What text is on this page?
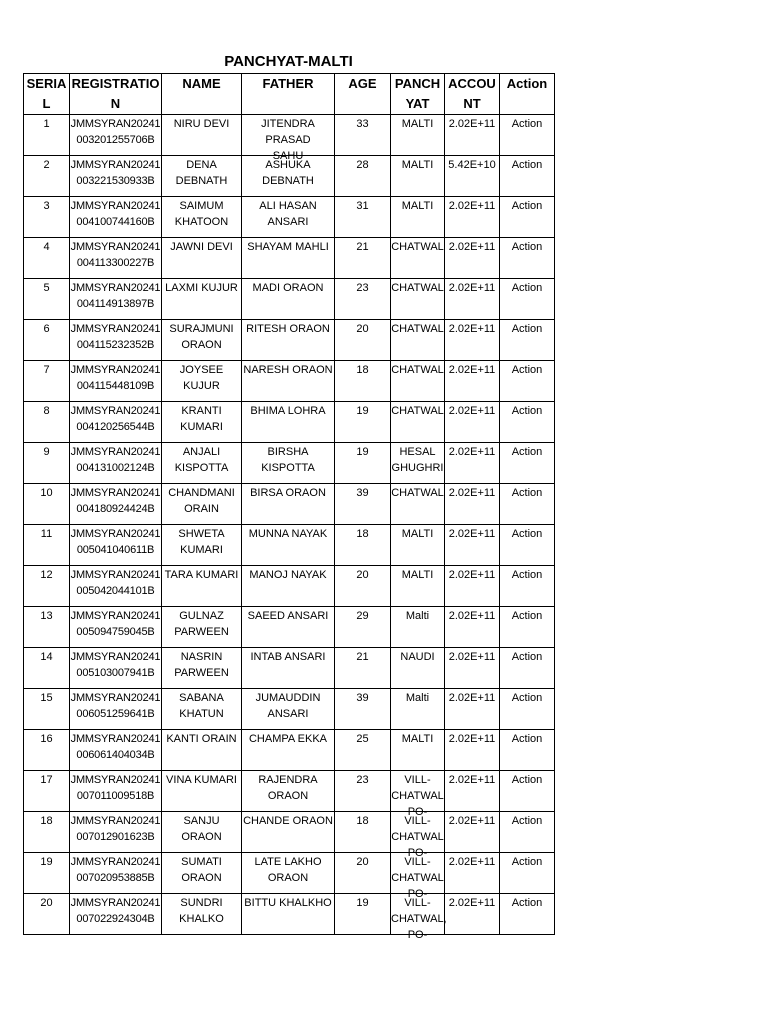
PANCHYAT-MALTI
SERIA
L	REGISTRATIO
N	NAME	FATHER	AGE	PANCH
YAT	ACCOU
NT	Action

1	JMMSYRAN20241
003201255706B	NIRU DEVI	JITENDRA PRASAD
SAHU	33	MALTI	2.02E+11	Action

2	JMMSYRAN20241
003221530933B	DENA DEBNATH	ASHUKA
DEBNATH	28	MALTI	5.42E+10	Action

3	JMMSYRAN20241
004100744160B	SAIMUM
KHATOON	ALI HASAN
ANSARI	31	MALTI	2.02E+11	Action

4	JMMSYRAN20241
004113300227B	JAWNI DEVI	SHAYAM MAHLI	21	CHATWAL	2.02E+11	Action

5	JMMSYRAN20241
004114913897B	LAXMI KUJUR	MADI ORAON	23	CHATWAL	2.02E+11	Action

6	JMMSYRAN20241
004115232352B	SURAJMUNI
ORAON	RITESH ORAON	20	CHATWAL	2.02E+11	Action

7	JMMSYRAN20241
004115448109B	JOYSEE KUJUR	NARESH ORAON	18	CHATWAL	2.02E+11	Action

8	JMMSYRAN20241
004120256544B	KRANTI
KUMARI	BHIMA LOHRA	19	CHATWAL	2.02E+11	Action

9	JMMSYRAN20241
004131002124B	ANJALI
KISPOTTA	BIRSHA KISPOTTA	19	HESAL
GHUGHRI	2.02E+11	Action

10	JMMSYRAN20241
004180924424B	CHANDMANI
ORAIN	BIRSA ORAON	39	CHATWAL	2.02E+11	Action

11	JMMSYRAN20241
005041040611B	SHWETA
KUMARI	MUNNA NAYAK	18	MALTI	2.02E+11	Action

12	JMMSYRAN20241
005042044101B	TARA KUMARI	MANOJ NAYAK	20	MALTI	2.02E+11	Action

13	JMMSYRAN20241
005094759045B	GULNAZ
PARWEEN	SAEED ANSARI	29	Malti	2.02E+11	Action

14	JMMSYRAN20241
005103007941B	NASRIN
PARWEEN	INTAB ANSARI	21	NAUDI	2.02E+11	Action

15	JMMSYRAN20241
006051259641B	SABANA
KHATUN	JUMAUDDIN
ANSARI	39	Malti	2.02E+11	Action

16	JMMSYRAN20241
006061404034B	KANTI ORAIN	CHAMPA EKKA	25	MALTI	2.02E+11	Action

17	JMMSYRAN20241
007011009518B	VINA KUMARI	RAJENDRA
ORAON	23	VILL-
CHATWAL
PO-	2.02E+11	Action

18	JMMSYRAN20241
007012901623B	SANJU ORAON	CHANDE ORAON	18	VILL-
CHATWAL
PO-	2.02E+11	Action

19	JMMSYRAN20241
007020953885B	SUMATI
ORAON	LATE LAKHO
ORAON	20	VILL-
CHATWAL
PO-	2.02E+11	Action

20	JMMSYRAN20241
007022924304B	SUNDRI
KHALKO	BITTU KHALKHO	19	VILL-
CHATWAL,
PO-	2.02E+11	Action
